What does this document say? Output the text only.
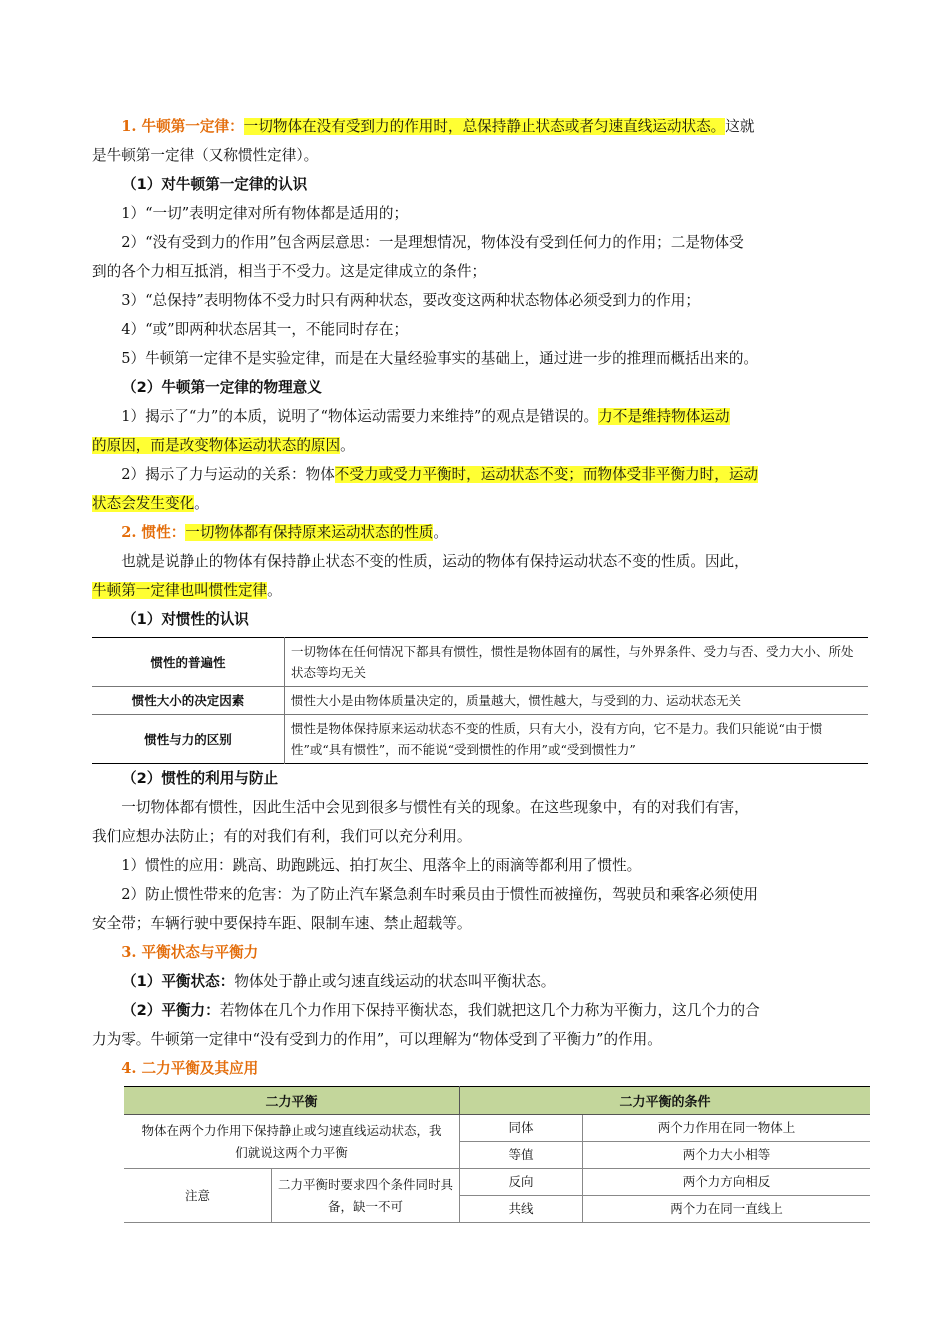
1. 牛顿第一定律：一切物体在没有受到力的作用时，总保持静止状态或者匀速直线运动状态。这就

是牛顿第一定律（又称惯性定律）。

（1）对牛顿第一定律的认识

1）“一切”表明定律对所有物体都是适用的；

2）“没有受到力的作用”包含两层意思：一是理想情况，物体没有受到任何力的作用；二是物体受

到的各个力相互抵消，相当于不受力。这是定律成立的条件；

3）“总保持”表明物体不受力时只有两种状态，要改变这两种状态物体必须受到力的作用；

4）“或”即两种状态居其一，不能同时存在；

5）牛顿第一定律不是实验定律，而是在大量经验事实的基础上，通过进一步的推理而概括出来的。

（2）牛顿第一定律的物理意义

1）揭示了“力”的本质，说明了“物体运动需要力来维持”的观点是错误的。力不是维持物体运动

的原因，而是改变物体运动状态的原因。

2）揭示了力与运动的关系：物体不受力或受力平衡时，运动状态不变；而物体受非平衡力时，运动

状态会发生变化。

2. 惯性：一切物体都有保持原来运动状态的性质。

也就是说静止的物体有保持静止状态不变的性质，运动的物体有保持运动状态不变的性质。因此，

牛顿第一定律也叫惯性定律。

（1）对惯性的认识

惯性的普遍性	一切物体在任何情况下都具有惯性，惯性是物体固有的属性，与外界条件、受力与否、受力大小、所处状态等均无关
惯性大小的决定因素	惯性大小是由物体质量决定的，质量越大，惯性越大，与受到的力、运动状态无关
惯性与力的区别	惯性是物体保持原来运动状态不变的性质，只有大小，没有方向，它不是力。我们只能说“由于惯性”或“具有惯性”，而不能说“受到惯性的作用”或“受到惯性力”

（2）惯性的利用与防止

一切物体都有惯性，因此生活中会见到很多与惯性有关的现象。在这些现象中，有的对我们有害，

我们应想办法防止；有的对我们有利，我们可以充分利用。

1）惯性的应用：跳高、助跑跳远、拍打灰尘、甩落伞上的雨滴等都利用了惯性。

2）防止惯性带来的危害：为了防止汽车紧急刹车时乘员由于惯性而被撞伤，驾驶员和乘客必须使用

安全带；车辆行驶中要保持车距、限制车速、禁止超载等。

3. 平衡状态与平衡力

（1）平衡状态：物体处于静止或匀速直线运动的状态叫平衡状态。

（2）平衡力：若物体在几个力作用下保持平衡状态，我们就把这几个力称为平衡力，这几个力的合

力为零。牛顿第一定律中“没有受到力的作用”，可以理解为“物体受到了平衡力”的作用。

4. 二力平衡及其应用

二力平衡		二力平衡的条件	
物体在两个力作用下保持静止或匀速直线运动状态，我们就说这两个力平衡		同体	两个力作用在同一物体上
		等值	两个力大小相等
注意	二力平衡时要求四个条件同时具备，缺一不可	反向	两个力方向相反
		共线	两个力在同一直线上
